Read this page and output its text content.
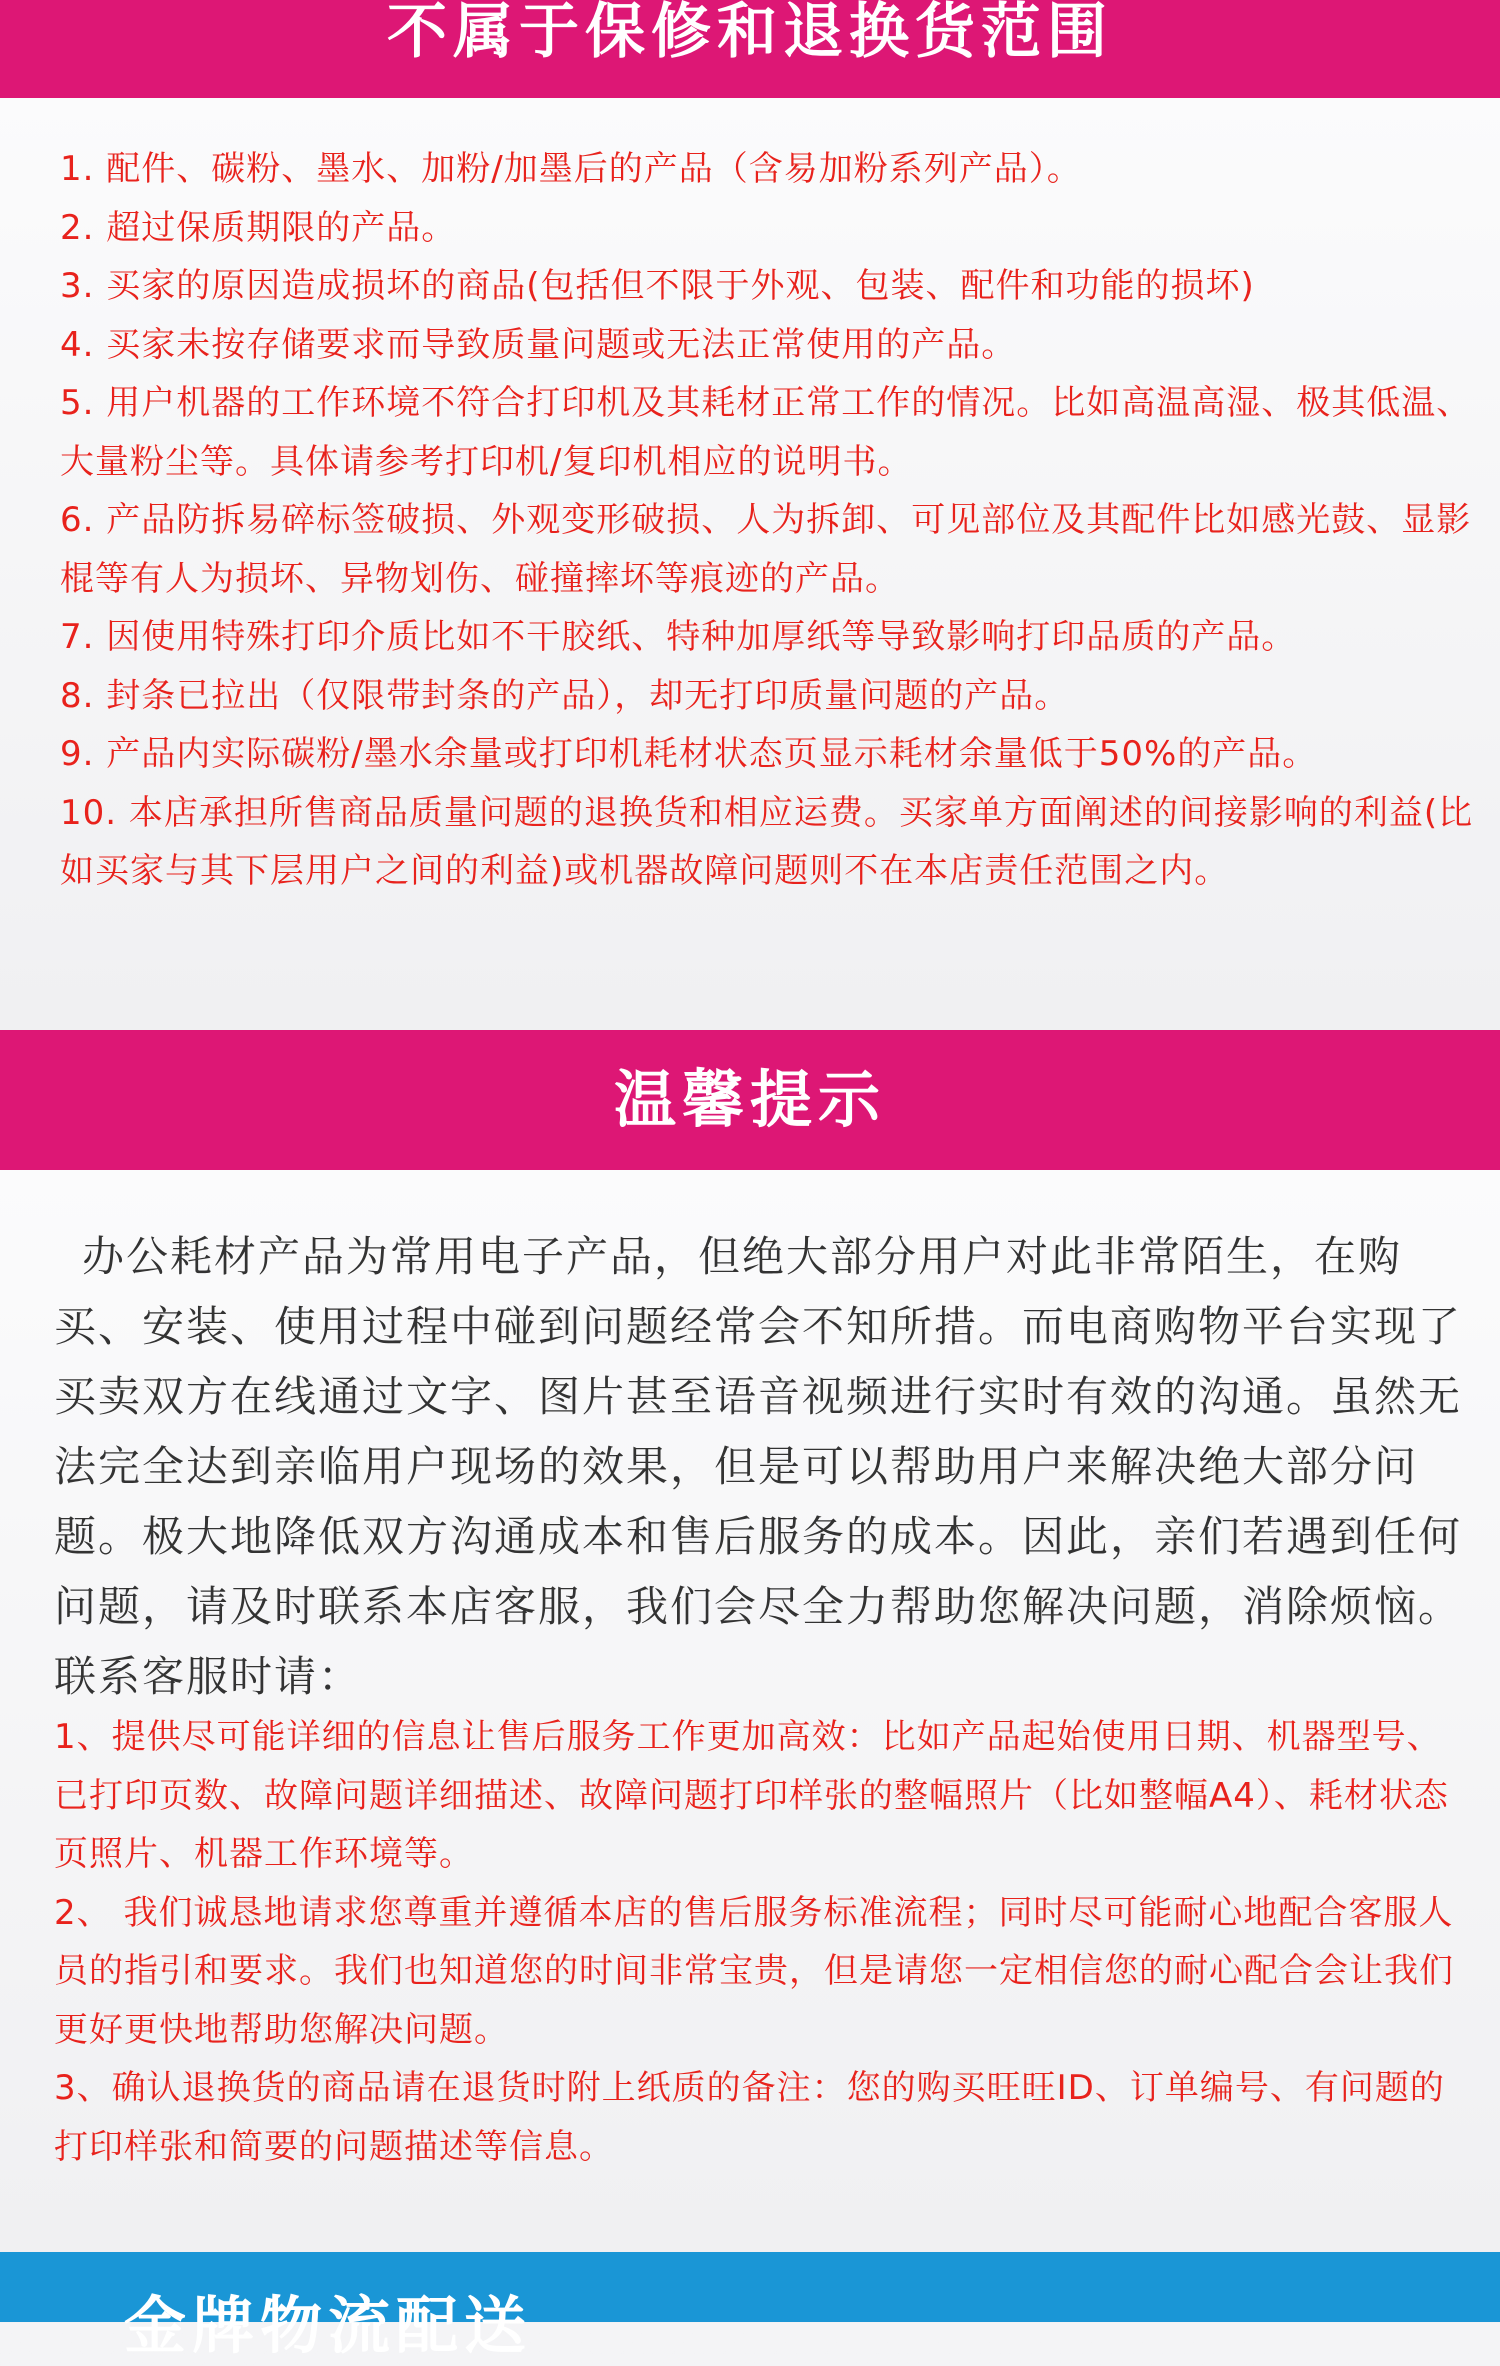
不属于保修和退换货范围
1. 配件、碳粉、墨水、加粉/加墨后的产品（含易加粉系列产品）。
2. 超过保质期限的产品。
3. 买家的原因造成损坏的商品(包括但不限于外观、包装、配件和功能的损坏)
4. 买家未按存储要求而导致质量问题或无法正常使用的产品。
5. 用户机器的工作环境不符合打印机及其耗材正常工作的情况。比如高温高湿、极其低温、大量粉尘等。具体请参考打印机/复印机相应的说明书。
6. 产品防拆易碎标签破损、外观变形破损、人为拆卸、可见部位及其配件比如感光鼓、显影棍等有人为损坏、异物划伤、碰撞摔坏等痕迹的产品。
7. 因使用特殊打印介质比如不干胶纸、特种加厚纸等导致影响打印品质的产品。
8. 封条已拉出（仅限带封条的产品），却无打印质量问题的产品。
9. 产品内实际碳粉/墨水余量或打印机耗材状态页显示耗材余量低于50%的产品。
10. 本店承担所售商品质量问题的退换货和相应运费。买家单方面阐述的间接影响的利益(比如买家与其下层用户之间的利益)或机器故障问题则不在本店责任范围之内。
温馨提示

办公耗材产品为常用电子产品，但绝大部分用户对此非常陌生，在购买、安装、使用过程中碰到问题经常会不知所措。而电商购物平台实现了买卖双方在线通过文字、图片甚至语音视频进行实时有效的沟通。虽然无法完全达到亲临用户现场的效果，但是可以帮助用户来解决绝大部分问题。极大地降低双方沟通成本和售后服务的成本。因此，亲们若遇到任何问题，请及时联系本店客服，我们会尽全力帮助您解决问题，消除烦恼。联系客服时请：

1、提供尽可能详细的信息让售后服务工作更加高效：比如产品起始使用日期、机器型号、已打印页数、故障问题详细描述、故障问题打印样张的整幅照片（比如整幅A4）、耗材状态页照片、机器工作环境等。
2、 我们诚恳地请求您尊重并遵循本店的售后服务标准流程；同时尽可能耐心地配合客服人员的指引和要求。我们也知道您的时间非常宝贵，但是请您一定相信您的耐心配合会让我们更好更快地帮助您解决问题。
3、确认退换货的商品请在退货时附上纸质的备注：您的购买旺旺ID、订单编号、有问题的打印样张和简要的问题描述等信息。
金牌物流配送
